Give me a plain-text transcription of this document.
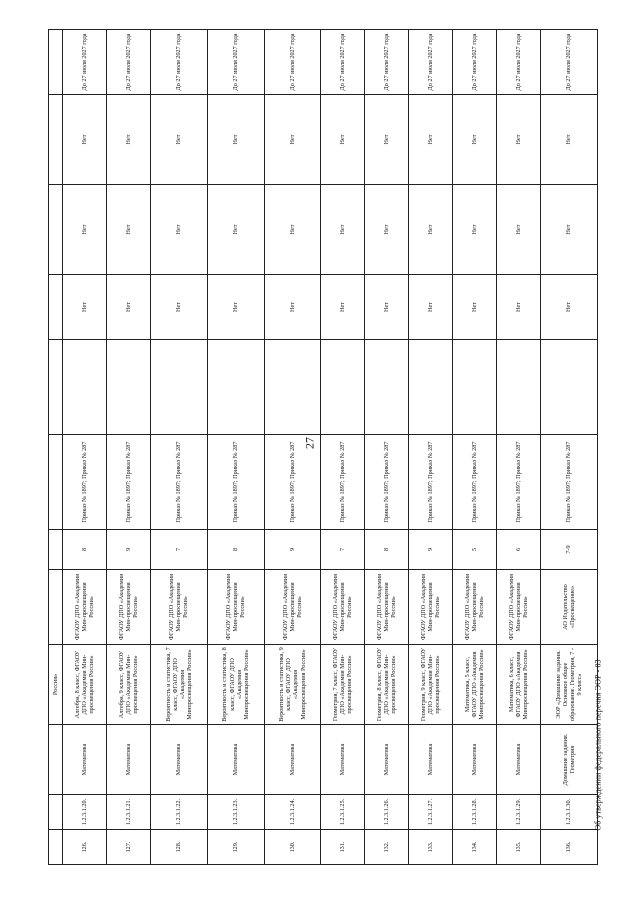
27
			Россия»								
126.	1.2.3.1.20.	Математика	Алгебра, 8 класс, ФГАОУ ДПО «Академия Мин-просвещения России»	ФГАОУ ДПО «Академия Мин-просвещения России»	8	Приказ № 1897; Приказ № 287		Нет	Нет	Нет	До 27 июля 2027 года
127.	1.2.3.1.21.	Математика	Алгебра, 9 класс, ФГАОУ ДПО «Академия Мин-просвещения России»	ФГАОУ ДПО «Академия Мин-просвещения России»	9	Приказ № 1897; Приказ № 287		Нет	Нет	Нет	До 27 июля 2027 года
128.	1.2.3.1.22.	Математика	Вероятность и статистика, 7 класс, ФГАОУ ДПО «Академия Минпросвещения России»	ФГАОУ ДПО «Академия Мин-просвещения России»	7	Приказ № 1897; Приказ № 287		Нет	Нет	Нет	До 27 июля 2027 года
129.	1.2.3.1.23.	Математика	Вероятность и статистика, 8 класс, ФГАОУ ДПО «Академия Минпросвещения России»	ФГАОУ ДПО «Академия Мин-просвещения России»	8	Приказ № 1897; Приказ № 287		Нет	Нет	Нет	До 27 июля 2027 года
130.	1.2.3.1.24.	Математика	Вероятность и статистика, 9 класс, ФГАОУ ДПО «Академия Минпросвещения России»	ФГАОУ ДПО «Академия Мин-просвещения России»	9	Приказ № 1897; Приказ № 287		Нет	Нет	Нет	До 27 июля 2027 года
131.	1.2.3.1.25.	Математика	Геометрия, 7 класс, ФГАОУ ДПО «Академия Мин-просвещения России»	ФГАОУ ДПО «Академия Мин-просвещения России»	7	Приказ № 1897; Приказ № 287		Нет	Нет	Нет	До 27 июля 2027 года
132.	1.2.3.1.26.	Математика	Геометрия, 8 класс, ФГАОУ ДПО «Академия Мин-просвещения России»	ФГАОУ ДПО «Академия Мин-просвещения России»	8	Приказ № 1897; Приказ № 287		Нет	Нет	Нет	До 27 июля 2027 года
133.	1.2.3.1.27.	Математика	Геометрия, 9 класс, ФГАОУ ДПО «Академия Мин-просвещения России»	ФГАОУ ДПО «Академия Мин-просвещения России»	9	Приказ № 1897; Приказ № 287		Нет	Нет	Нет	До 27 июля 2027 года
134.	1.2.3.1.28.	Математика	Математика, 5 класс, ФГАОУ ДПО «Академия Минпросвещения России»	ФГАОУ ДПО «Академия Мин-просвещения России»	5	Приказ № 1897; Приказ № 287		Нет	Нет	Нет	До 27 июля 2027 года
135.	1.2.3.1.29.	Математика	Математика, 6 класс, ФГАОУ ДПО «Академия Минпросвещения России»	ФГАОУ ДПО «Академия Мин-просвещения России»	6	Приказ № 1897; Приказ № 287		Нет	Нет	Нет	До 27 июля 2027 года
136.	1.2.3.1.30.	Домашние задания. Геометрия	ЭОР «Домашние задания. Основное общее образование. Геометрия, 7 - 9 класс»	АО Издательство «Просвещение»	7-9	Приказ № 1897; Приказ № 287		Нет	Нет	Нет	До 27 июля 2027 года
Об утверждении федерального перечня ЭОР - 03
